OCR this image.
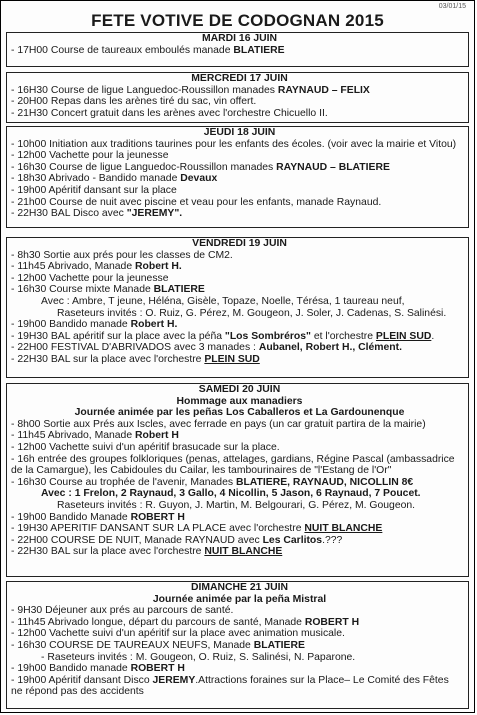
03/01/15
FETE VOTIVE DE CODOGNAN 2015
MARDI 16 JUIN
- 17H00 Course de taureaux emboulés manade BLATIERE
MERCREDI 17 JUIN
- 16H30 Course de ligue Languedoc-Roussillon manades RAYNAUD – FELIX
- 20H00 Repas dans les arènes tiré du sac, vin offert.
- 21H30 Concert gratuit dans les arènes avec l'orchestre Chicuello II.
JEUDI 18 JUIN
- 10h00 Initiation aux traditions taurines pour les enfants des écoles. (voir avec la mairie et Vitou)
- 12h00 Vachette pour la jeunesse
- 16h30 Course de ligue Languedoc-Roussillon manades RAYNAUD – BLATIERE
- 18h30 Abrivado - Bandido manade Devaux
- 19h00 Apéritif dansant sur la place
- 21h00 Course de nuit avec piscine et veau pour les enfants, manade Raynaud.
- 22H30 BAL Disco avec "JEREMY".
VENDREDI 19 JUIN
- 8h30 Sortie aux prés pour les classes de CM2.
- 11h45 Abrivado, Manade Robert H.
- 12h00 Vachette pour la jeunesse
- 16h30 Course mixte Manade BLATIERE
Avec : Ambre, T jeune, Héléna, Gisèle, Topaze, Noelle, Térésa, 1 taureau neuf,
Raseteurs invités : O. Ruiz, G. Pérez, M. Gougeon, J. Soler, J. Cadenas, S. Salinési.
- 19h00 Bandido manade Robert H.
- 19H30 BAL apéritif sur la place avec la péña "Los Sombréros" et l'orchestre PLEIN SUD.
- 22H00 FESTIVAL D'ABRIVADOS avec 3 manades : Aubanel, Robert H., Clément.
- 22H30 BAL sur la place avec l'orchestre PLEIN SUD
SAMEDI 20 JUIN
Hommage aux manadiers
Journée animée par les peñas Los Caballeros et La Gardounenque
- 8h00 Sortie aux Prés aux Iscles, avec ferrade en pays (un car gratuit partira de la mairie)
- 11h45 Abrivado, Manade Robert H
- 12h00 Vachette suivi d'un apéritif brasucade sur la place.
- 16h entrée des groupes folkloriques (penas, attelages, gardians, Régine Pascal (ambassadrice
de la Camargue), les Cabidoules du Cailar, les tambourinaires de "l'Estang de l'Or"
- 16h30 Course au trophée de l'avenir, Manades BLATIERE, RAYNAUD, NICOLLIN 8€
Avec : 1 Frelon, 2 Raynaud, 3 Gallo, 4 Nicollin, 5 Jason, 6 Raynaud, 7 Poucet.
Raseteurs invités : R. Guyon, J. Martin, M. Belgourari, G. Pérez, M. Gougeon.
- 19h00 Bandido Manade ROBERT H
- 19H30 APERITIF DANSANT SUR LA PLACE avec l'orchestre NUIT BLANCHE
- 22H00 COURSE DE NUIT, Manade RAYNAUD avec Les Carlitos.???
- 22H30 BAL sur la place avec l'orchestre NUIT BLANCHE
DIMANCHE 21 JUIN
Journée animée par la peña Mistral
- 9H30 Déjeuner aux prés au parcours de santé.
- 11h45 Abrivado longue, départ du parcours de santé, Manade ROBERT H
- 12h00 Vachette suivi d'un apéritif sur la place avec animation musicale.
- 16h30 COURSE DE TAUREAUX NEUFS, Manade BLATIERE
- Raseteurs invités : M. Gougeon, O. Ruiz, S. Salinési, N. Paparone.
- 19h00 Bandido manade ROBERT H
- 19h00 Apéritif dansant Disco JEREMY.Attractions foraines sur la Place– Le Comité des Fêtes
ne répond pas des accidents
